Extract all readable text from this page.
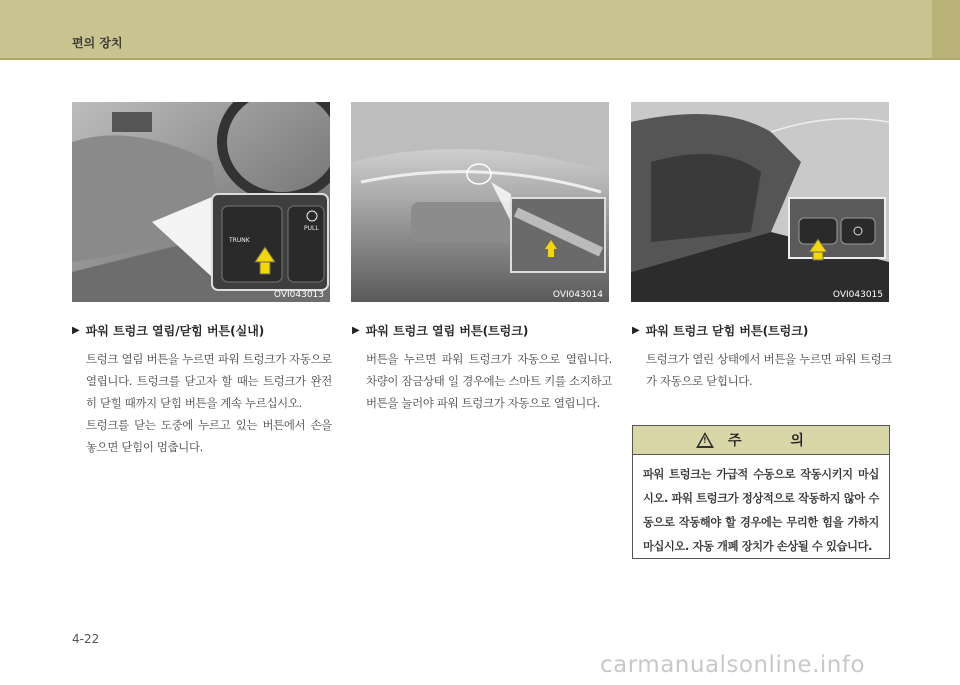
편의 장치
TRUNK
PULL
OVI043013	OVI043014	OVI043015
▶ 파워 트렁크 열림/닫힘 버튼(실내)

트렁크 열림 버튼을 누르면 파워 트렁크가 자동으로 열립니다. 트렁크를 닫고자 할 때는 트렁크가 완전히 닫힐 때까지 닫힘 버튼을 계속 누르십시오.

트렁크를 닫는 도중에 누르고 있는 버튼에서 손을 놓으면 닫힘이 멈춥니다.

▶ 파워 트렁크 열림 버튼(트렁크)

버튼을 누르면 파워 트렁크가 자동으로 열립니다. 차량이 잠금상태 일 경우에는 스마트 키를 소지하고 버튼을 눌러야 파워 트렁크가 자동으로 열립니다.

▶ 파워 트렁크 닫힘 버튼(트렁크)

트렁크가 열린 상태에서 버튼을 누르면 파워 트렁크가 자동으로 닫힙니다.

! 주 의
파워 트렁크는 가급적 수동으로 작동시키지 마십시오. 파워 트렁크가 정상적으로 작동하지 않아 수동으로 작동해야 할 경우에는 무리한 힘을 가하지 마십시오. 자동 개폐 장치가 손상될 수 있습니다.
4-22
carmanualsonline.info
